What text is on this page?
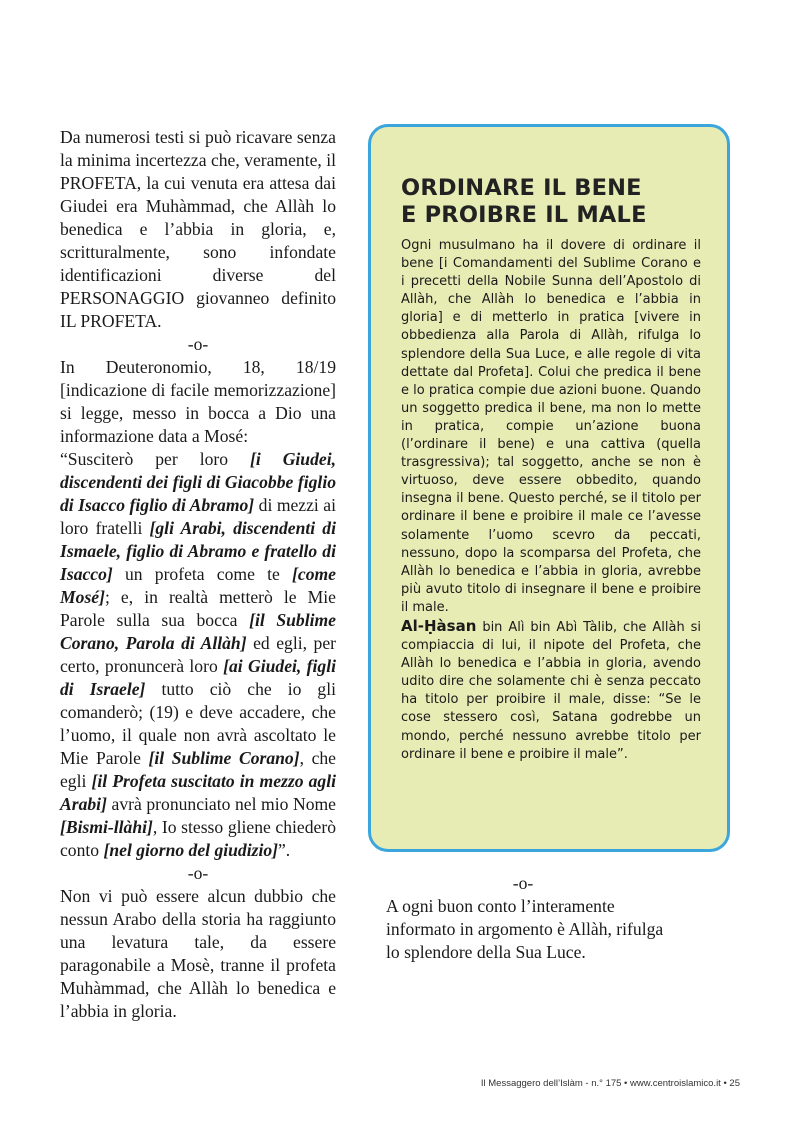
Da numerosi testi si può ricavare senza la minima incertezza che, veramente, il PROFETA, la cui venuta era attesa dai Giudei era Muhàmmad, che Allàh lo benedica e l’abbia in gloria, e, scritturalmente, sono infondate identificazioni diverse del PERSONAGGIO giovanneo definito IL PROFETA.

-o-

In Deuteronomio, 18, 18/19 [indicazione di facile memorizzazione] si legge, messo in bocca a Dio una informazione data a Mosé:

“Susciterò per loro [i Giudei, discendenti dei figli di Giacobbe figlio di Isacco figlio di Abramo] di mezzi ai loro fratelli [gli Arabi, discendenti di Ismaele, figlio di Abramo e fratello di Isacco] un profeta come te [come Mosé]; e, in realtà metterò le Mie Parole sulla sua bocca [il Sublime Corano, Parola di Allàh] ed egli, per certo, pronuncerà loro [ai Giudei, figli di Israele] tutto ciò che io gli comanderò; (19) e deve accadere, che l’uomo, il quale non avrà ascoltato le Mie Parole [il Sublime Corano], che egli [il Profeta suscitato in mezzo agli Arabi] avrà pronunciato nel mio Nome [Bismi-llàhi], Io stesso gliene chiederò conto [nel giorno del giudizio]”.

-o-

Non vi può essere alcun dubbio che nessun Arabo della storia ha raggiunto una levatura tale, da essere paragonabile a Mosè, tranne il profeta Muhàmmad, che Allàh lo benedica e l’abbia in gloria.

ORDINARE IL BENE
E PROIBRE IL MALE

Ogni musulmano ha il dovere di ordinare il bene [i Comandamenti del Sublime Corano e i precetti della Nobile Sunna dell’Apostolo di Allàh, che Allàh lo benedica e l’abbia in gloria] e di metterlo in pratica [vivere in obbedienza alla Parola di Allàh, rifulga lo splendore della Sua Luce, e alle regole di vita dettate dal Profeta]. Colui che predica il bene e lo pratica compie due azioni buone. Quando un soggetto predica il bene, ma non lo mette in pratica, compie un’azione buona (l’ordinare il bene) e una cattiva (quella trasgressiva); tal soggetto, anche se non è virtuoso, deve essere obbedito, quando insegna il bene. Questo perché, se il titolo per ordinare il bene e proibire il male ce l’avesse solamente l’uomo scevro da peccati, nessuno, dopo la scomparsa del Profeta, che Allàh lo benedica e l’abbia in gloria, avrebbe più avuto titolo di insegnare il bene e proibire il male.

Al-Ḥàsan bin Alì bin Abì Tàlib, che Allàh si compiaccia di lui, il nipote del Profeta, che Allàh lo benedica e l’abbia in gloria, avendo udito dire che solamente chi è senza peccato ha titolo per proibire il male, disse: “Se le cose stessero così, Satana godrebbe un mondo, perché nessuno avrebbe titolo per ordinare il bene e proibire il male”.

-o-

A ogni buon conto l’interamente informato in argomento è Allàh, rifulga lo splendore della Sua Luce.

Il Messaggero dell’Islàm - n.° 175 • www.centroislamico.it • 25
